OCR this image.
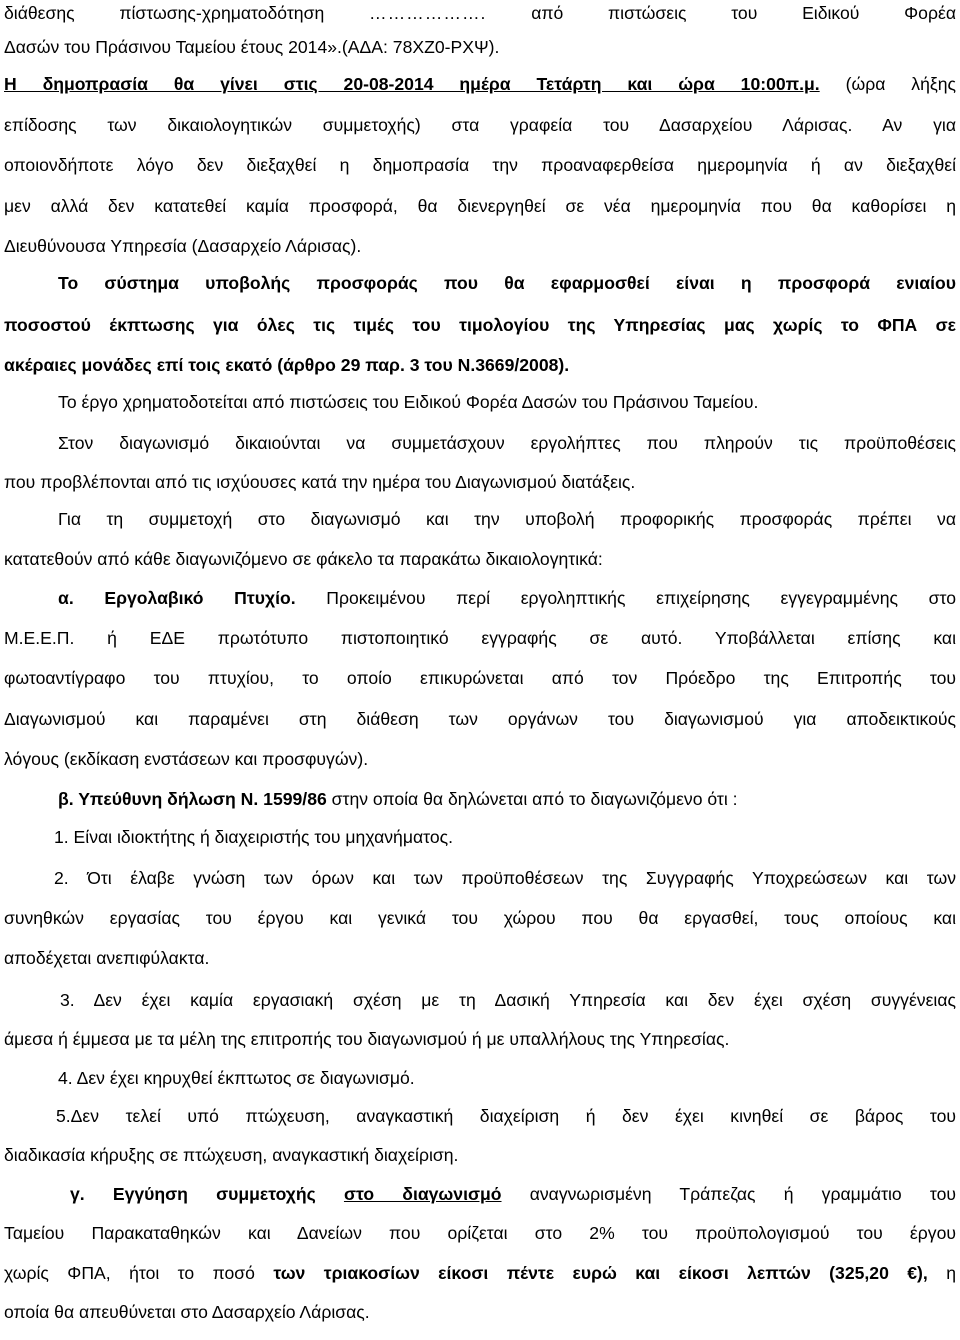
διάθεσης πίστωσης-χρηματοδότηση	……………….	από πιστώσεις του Ειδικού Φορέα
Δασών του Πράσινου Ταμείου έτους 2014».(ΑΔΑ: 78ΧΖ0-ΡΧΨ).
Η δημοπρασία θα γίνει στις 20-08-2014 ημέρα Τετάρτη και ώρα 10:00π.μ. (ώρα λήξης
επίδοσης των δικαιολογητικών συμμετοχής) στα γραφεία του Δασαρχείου Λάρισας. Αν για
οποιονδήποτε λόγο δεν διεξαχθεί η δημοπρασία την προαναφερθείσα ημερομηνία ή αν διεξαχθεί
μεν αλλά δεν κατατεθεί καμία προσφορά, θα διενεργηθεί σε νέα ημερομηνία που θα καθορίσει η
Διευθύνουσα Υπηρεσία (Δασαρχείο Λάρισας).
Το σύστημα υποβολής προσφοράς που θα εφαρμοσθεί είναι η προσφορά ενιαίου
ποσοστού έκπτωσης για όλες τις τιμές του τιμολογίου της Υπηρεσίας μας χωρίς το ΦΠΑ σε
ακέραιες μονάδες επί τοις εκατό (άρθρο 29 παρ. 3 του Ν.3669/2008).
Το έργο χρηματοδοτείται από πιστώσεις του Ειδικού Φορέα Δασών του Πράσινου Ταμείου.
Στον διαγωνισμό δικαιούνται να συμμετάσχουν εργολήπτες που πληρούν τις προϋποθέσεις
που προβλέπονται από τις ισχύουσες κατά την ημέρα του Διαγωνισμού διατάξεις.
Για τη συμμετοχή στο διαγωνισμό και την υποβολή προφορικής προσφοράς πρέπει να
κατατεθούν από κάθε διαγωνιζόμενο σε φάκελο τα παρακάτω δικαιολογητικά:
α. Εργολαβικό Πτυχίο. Προκειμένου περί εργοληπτικής επιχείρησης εγγεγραμμένης στο
Μ.Ε.Ε.Π. ή ΕΔΕ πρωτότυπο πιστοποιητικό εγγραφής σε αυτό. Υποβάλλεται επίσης και
φωτοαντίγραφο του πτυχίου, το οποίο επικυρώνεται από τον Πρόεδρο της Επιτροπής του
Διαγωνισμού και παραμένει στη διάθεση των οργάνων του διαγωνισμού για αποδεικτικούς
λόγους (εκδίκαση ενστάσεων και προσφυγών).
β. Υπεύθυνη δήλωση Ν. 1599/86 στην οποία θα δηλώνεται από το διαγωνιζόμενο ότι :
1. Είναι ιδιοκτήτης ή διαχειριστής του μηχανήματος.
2. Ότι έλαβε γνώση των όρων και των προϋποθέσεων της Συγγραφής Υποχρεώσεων και των
συνηθκών εργασίας του έργου και γενικά του χώρου που θα εργασθεί, τους οποίους και
αποδέχεται ανεπιφύλακτα.
3. Δεν έχει καμία εργασιακή σχέση με τη Δασική Υπηρεσία και δεν έχει σχέση συγγένειας
άμεσα ή έμμεσα με τα μέλη της επιτροπής του διαγωνισμού ή με υπαλλήλους της Υπηρεσίας.
4. Δεν έχει κηρυχθεί έκπτωτος σε διαγωνισμό.
5.Δεν τελεί υπό πτώχευση, αναγκαστική διαχείριση ή δεν έχει κινηθεί σε βάρος του
διαδικασία κήρυξης σε πτώχευση, αναγκαστική διαχείριση.
γ. Εγγύηση συμμετοχής στο διαγωνισμό αναγνωρισμένη Τράπεζας ή γραμμάτιο του
Ταμείου Παρακαταθηκών και Δανείων που ορίζεται στο 2% του προϋπολογισμού του έργου
χωρίς ΦΠΑ, ήτοι το ποσό των τριακοσίων είκοσι πέντε ευρώ και είκοσι λεπτών (325,20 €), η
οποία θα απευθύνεται στο Δασαρχείο Λάρισας.
